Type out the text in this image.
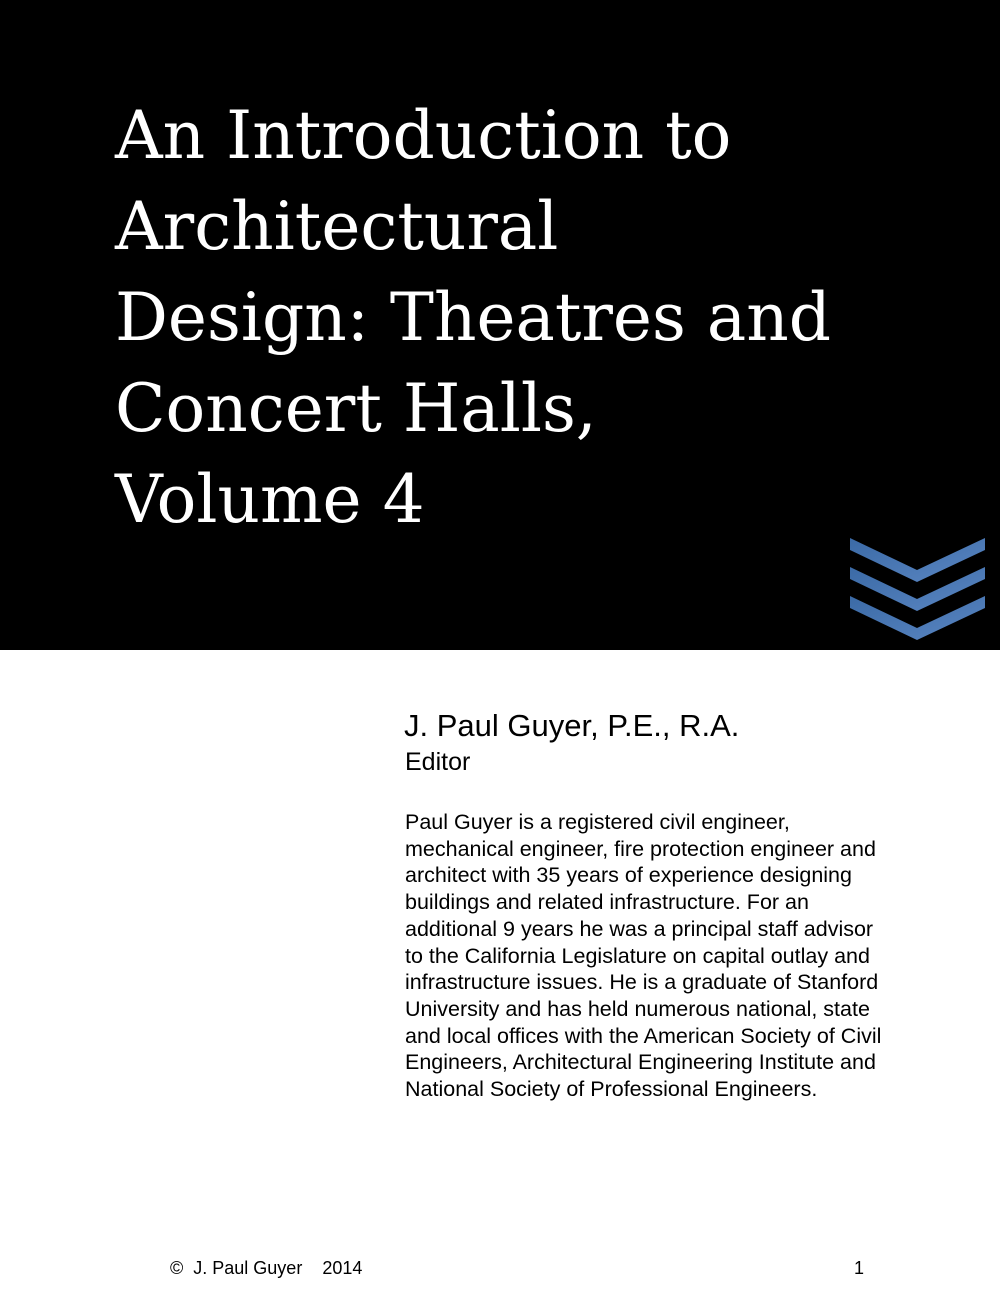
An Introduction to
Architectural
Design: Theatres and
Concert Halls,
Volume 4
J. Paul Guyer, P.E., R.A.
Editor
Paul Guyer is a registered civil engineer,
mechanical engineer, fire protection engineer and
architect with 35 years of experience designing
buildings and related infrastructure. For an
additional 9 years he was a principal staff advisor
to the California Legislature on capital outlay and
infrastructure issues. He is a graduate of Stanford
University and has held numerous national, state
and local offices with the American Society of Civil
Engineers, Architectural Engineering Institute and
National Society of Professional Engineers.
©  J. Paul Guyer    2014	1
